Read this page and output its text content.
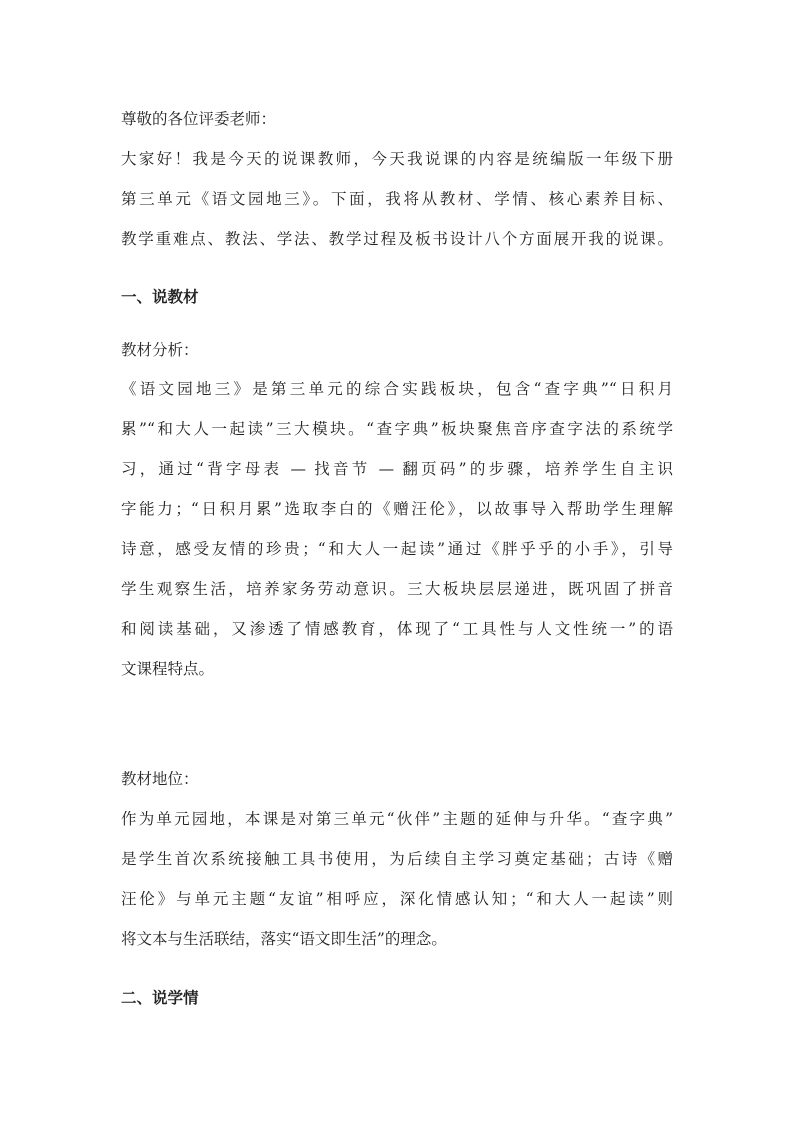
尊敬的各位评委老师：
大家好！我是今天的说课教师，今天我说课的内容是统编版一年级下册
第三单元《语文园地三》。下面，我将从教材、学情、核心素养目标、
教学重难点、教法、学法、教学过程及板书设计八个方面展开我的说课。
一、说教材
教材分析：
《语文园地三》是第三单元的综合实践板块，包含“查字典”“日积月
累”“和大人一起读”三大模块。“查字典”板块聚焦音序查字法的系统学
习，通过“背字母表 — 找音节 — 翻页码”的步骤，培养学生自主识
字能力；“日积月累”选取李白的《赠汪伦》，以故事导入帮助学生理解
诗意，感受友情的珍贵；“和大人一起读”通过《胖乎乎的小手》，引导
学生观察生活，培养家务劳动意识。三大板块层层递进，既巩固了拼音
和阅读基础，又渗透了情感教育，体现了“工具性与人文性统一”的语
文课程特点。
教材地位：
作为单元园地，本课是对第三单元“伙伴”主题的延伸与升华。“查字典”
是学生首次系统接触工具书使用，为后续自主学习奠定基础；古诗《赠
汪伦》与单元主题“友谊”相呼应，深化情感认知；“和大人一起读”则
将文本与生活联结，落实“语文即生活”的理念。
二、说学情
